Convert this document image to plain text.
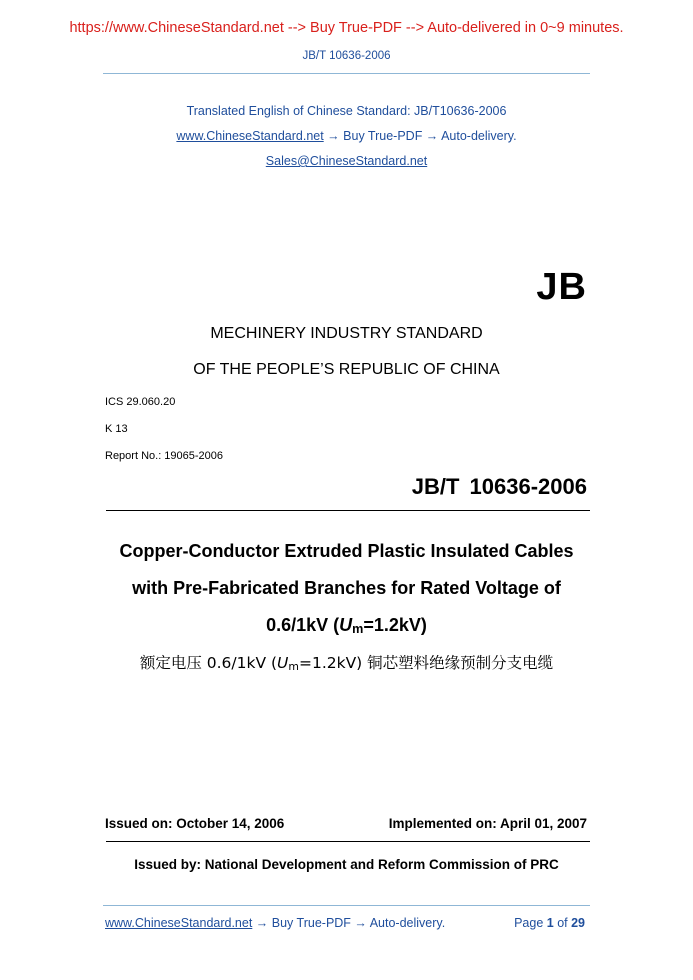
https://www.ChineseStandard.net --> Buy True-PDF --> Auto-delivered in 0~9 minutes.
JB/T 10636-2006
Translated English of Chinese Standard: JB/T10636-2006
www.ChineseStandard.net → Buy True-PDF → Auto-delivery.
Sales@ChineseStandard.net
JB
MECHINERY INDUSTRY STANDARD
OF THE PEOPLE’S REPUBLIC OF CHINA
ICS 29.060.20
K 13
Report No.: 19065-2006
JB/T 10636-2006
Copper-Conductor Extruded Plastic Insulated Cables
with Pre-Fabricated Branches for Rated Voltage of
0.6/1kV $(U_m=1.2kV)$
额定电压 0.6/1kV $(U_m=1.2kV)$ 铜芯塑料绝缘预制分支电缆
Issued on: October 14, 2006	Implemented on: April 01, 2007
Issued by: National Development and Reform Commission of PRC
www.ChineseStandard.net → Buy True-PDF → Auto-delivery.	Page 1 of 29
